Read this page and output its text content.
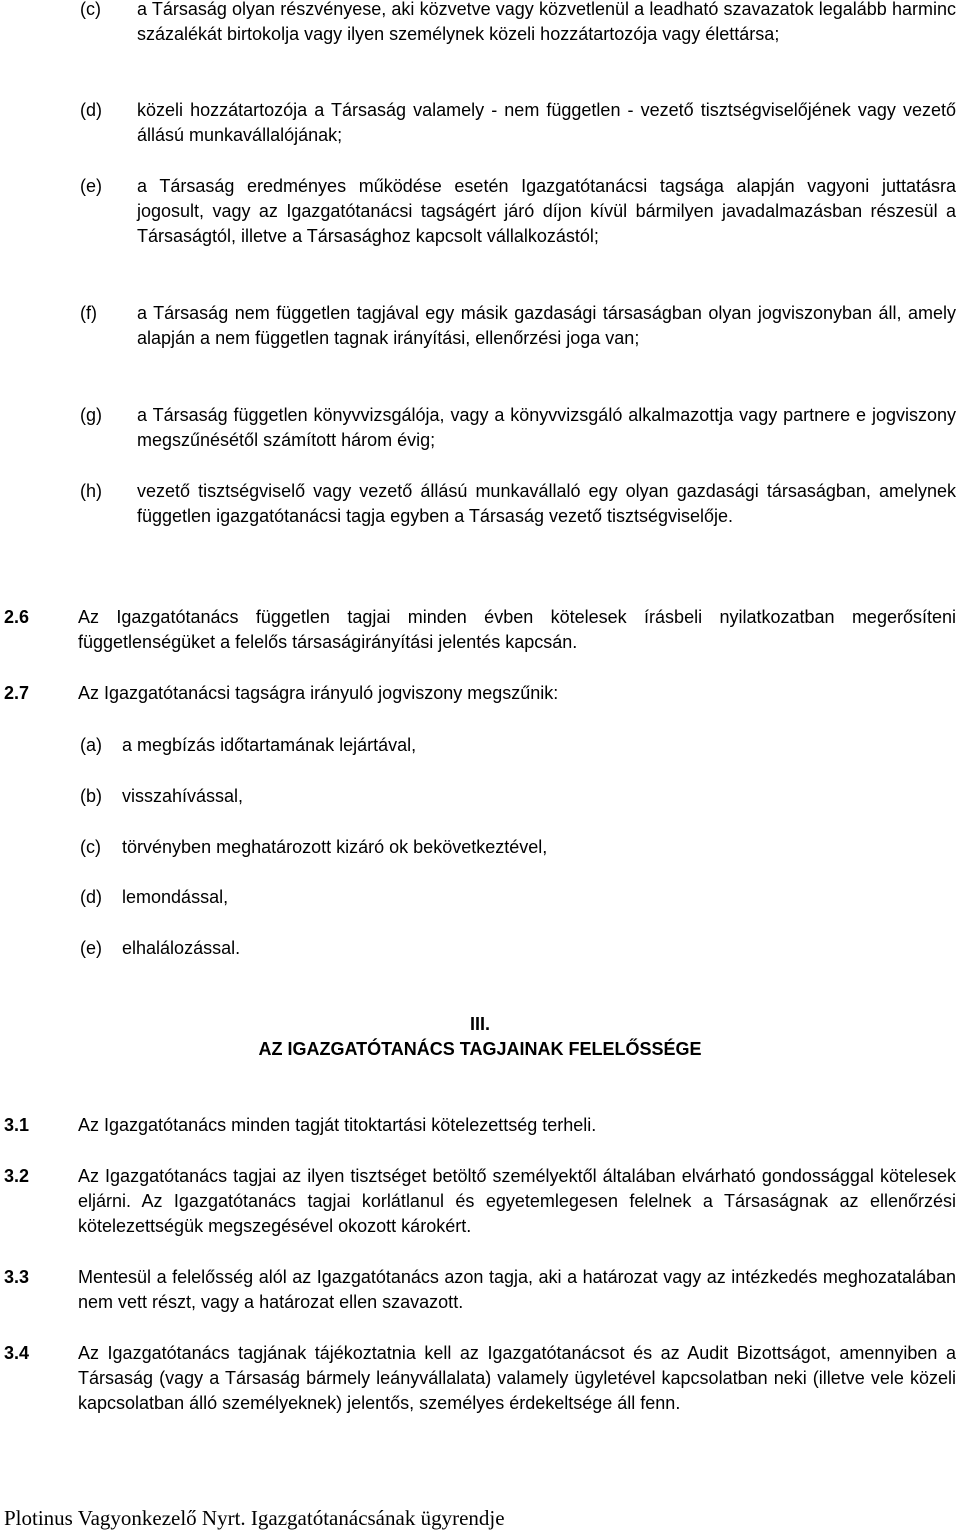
(c)	a Társaság olyan részvényese, aki közvetve vagy közvetlenül a leadható szavazatok legalább harminc százalékát birtokolja vagy ilyen személynek közeli hozzátartozója vagy élettársa;
(d)	közeli hozzátartozója a Társaság valamely - nem független - vezető tisztségviselőjének vagy vezető állású munkavállalójának;
(e)	a Társaság eredményes működése esetén Igazgatótanácsi tagsága alapján vagyoni juttatásra jogosult, vagy az Igazgatótanácsi tagságért járó díjon kívül bármilyen javadalmazásban részesül a Társaságtól, illetve a Társasághoz kapcsolt vállalkozástól;
(f)	a Társaság nem független tagjával egy másik gazdasági társaságban olyan jogviszonyban áll, amely alapján a nem független tagnak irányítási, ellenőrzési joga van;
(g)	a Társaság független könyvvizsgálója, vagy a könyvvizsgáló alkalmazottja vagy partnere e jogviszony megszűnésétől számított három évig;
(h)	vezető tisztségviselő vagy vezető állású munkavállaló egy olyan gazdasági társaságban, amelynek független igazgatótanácsi tagja egyben a Társaság vezető tisztségviselője.
2.6	Az Igazgatótanács független tagjai minden évben kötelesek írásbeli nyilatkozatban megerősíteni függetlenségüket a felelős társaságirányítási jelentés kapcsán.
2.7	Az Igazgatótanácsi tagságra irányuló jogviszony megszűnik:
(a) a megbízás időtartamának lejártával,
(b) visszahívással,
(c) törvényben meghatározott kizáró ok bekövetkeztével,
(d) lemondással,
(e) elhalálozással.
III.
AZ IGAZGATÓTANÁCS TAGJAINAK FELELŐSSÉGE
3.1	Az Igazgatótanács minden tagját titoktartási kötelezettség terheli.
3.2	Az Igazgatótanács tagjai az ilyen tisztséget betöltő személyektől általában elvárható gondossággal kötelesek eljárni. Az Igazgatótanács tagjai korlátlanul és egyetemlegesen felelnek a Társaságnak az ellenőrzési kötelezettségük megszegésével okozott károkért.
3.3	Mentesül a felelősség alól az Igazgatótanács azon tagja, aki a határozat vagy az intézkedés meghozatalában nem vett részt, vagy a határozat ellen szavazott.
3.4	Az Igazgatótanács tagjának tájékoztatnia kell az Igazgatótanácsot és az Audit Bizottságot, amennyiben a Társaság (vagy a Társaság bármely leányvállalata) valamely ügyletével kapcsolatban neki (illetve vele közeli kapcsolatban álló személyeknek) jelentős, személyes érdekeltsége áll fenn.
Plotinus Vagyonkezelő Nyrt. Igazgatótanácsának ügyrendje
